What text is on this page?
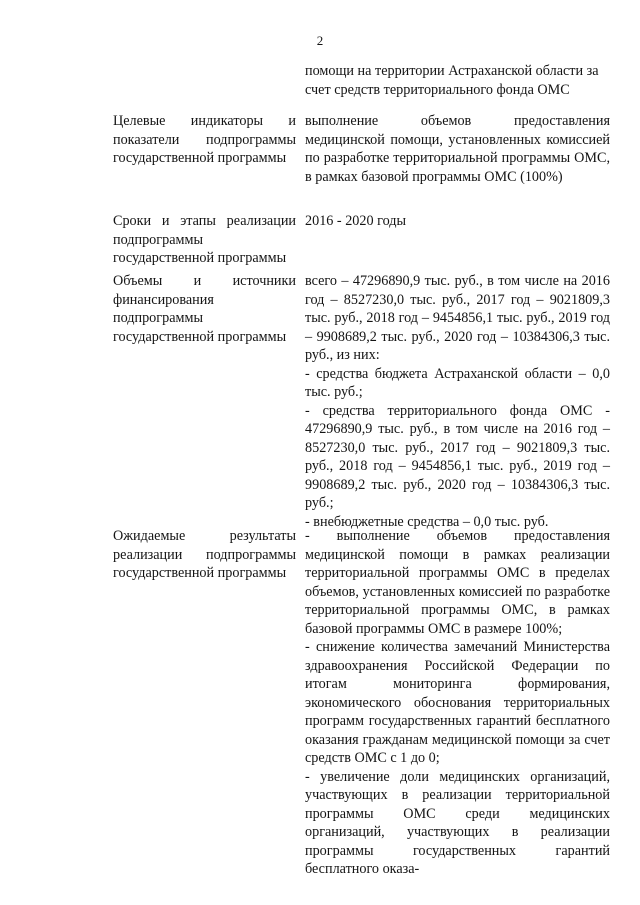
2

помощи на территории Астраханской области за счет средств территориального фонда ОМС

Целевые индикаторы и показатели подпрограммы государственной программы

выполнение объемов предоставления медицинской помощи, установленных комиссией по разработке территориальной программы ОМС, в рамках базовой программы ОМС (100%)

Сроки и этапы реализации подпрограммы государственной программы

2016 - 2020 годы

Объемы и источники финансирования подпрограммы государственной программы

всего – 47296890,9 тыс. руб., в том числе на 2016 год – 8527230,0 тыс. руб., 2017 год – 9021809,3 тыс. руб., 2018 год – 9454856,1 тыс. руб., 2019 год – 9908689,2 тыс. руб., 2020 год – 10384306,3 тыс. руб., из них:

- средства бюджета Астраханской области – 0,0 тыс. руб.;

- средства территориального фонда ОМС - 47296890,9 тыс. руб., в том числе на 2016 год – 8527230,0 тыс. руб., 2017 год – 9021809,3 тыс. руб., 2018 год – 9454856,1 тыс. руб., 2019 год – 9908689,2 тыс. руб., 2020 год – 10384306,3 тыс. руб.;

- внебюджетные средства – 0,0 тыс. руб.

Ожидаемые результаты реализации подпрограммы государственной программы

- выполнение объемов предоставления медицинской помощи в рамках реализации территориальной программы ОМС в пределах объемов, установленных комиссией по разработке территориальной программы ОМС, в рамках базовой программы ОМС в размере 100%;

- снижение количества замечаний Министерства здравоохранения Российской Федерации по итогам мониторинга формирования, экономического обоснования территориальных программ государственных гарантий бесплатного оказания гражданам медицинской помощи за счет средств ОМС с 1 до 0;

- увеличение доли медицинских организаций, участвующих в реализации территориальной программы ОМС среди медицинских организаций, участвующих в реализации программы государственных гарантий бесплатного оказа-
